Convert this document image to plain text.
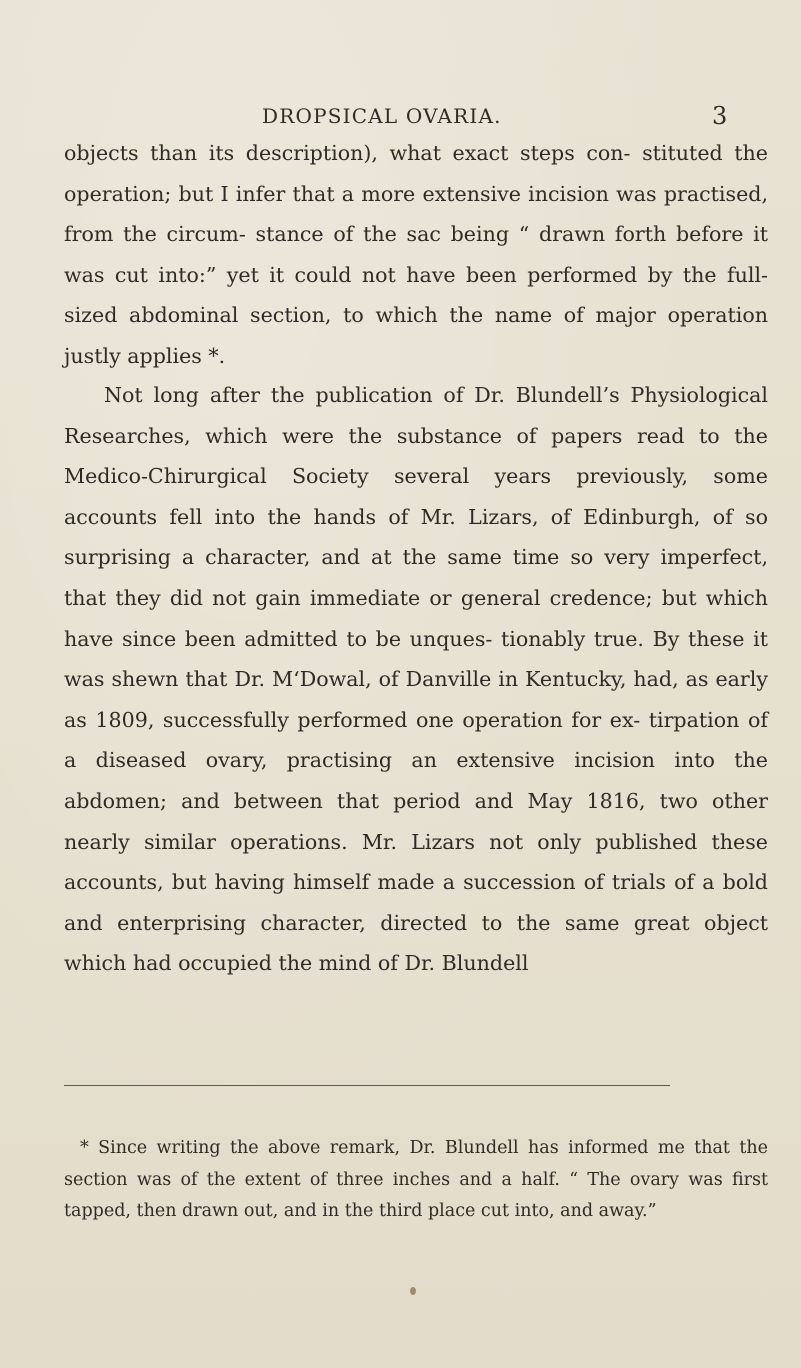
DROPSICAL OVARIA.	3

objects than its description), what exact steps con- stituted the operation; but I infer that a more extensive incision was practised, from the circum- stance of the sac being “ drawn forth before it was cut into:” yet it could not have been performed by the full-sized abdominal section, to which the name of major operation justly applies *.

Not long after the publication of Dr. Blundell’s Physiological Researches, which were the substance of papers read to the Medico-Chirurgical Society several years previously, some accounts fell into the hands of Mr. Lizars, of Edinburgh, of so surprising a character, and at the same time so very imperfect, that they did not gain immediate or general credence; but which have since been admitted to be unques- tionably true. By these it was shewn that Dr. M‘Dowal, of Danville in Kentucky, had, as early as 1809, successfully performed one operation for ex- tirpation of a diseased ovary, practising an extensive incision into the abdomen; and between that period and May 1816, two other nearly similar operations. Mr. Lizars not only published these accounts, but having himself made a succession of trials of a bold and enterprising character, directed to the same great object which had occupied the mind of Dr. Blundell

* Since writing the above remark, Dr. Blundell has informed me that the section was of the extent of three inches and a half. “ The ovary was first tapped, then drawn out, and in the third place cut into, and away.”
